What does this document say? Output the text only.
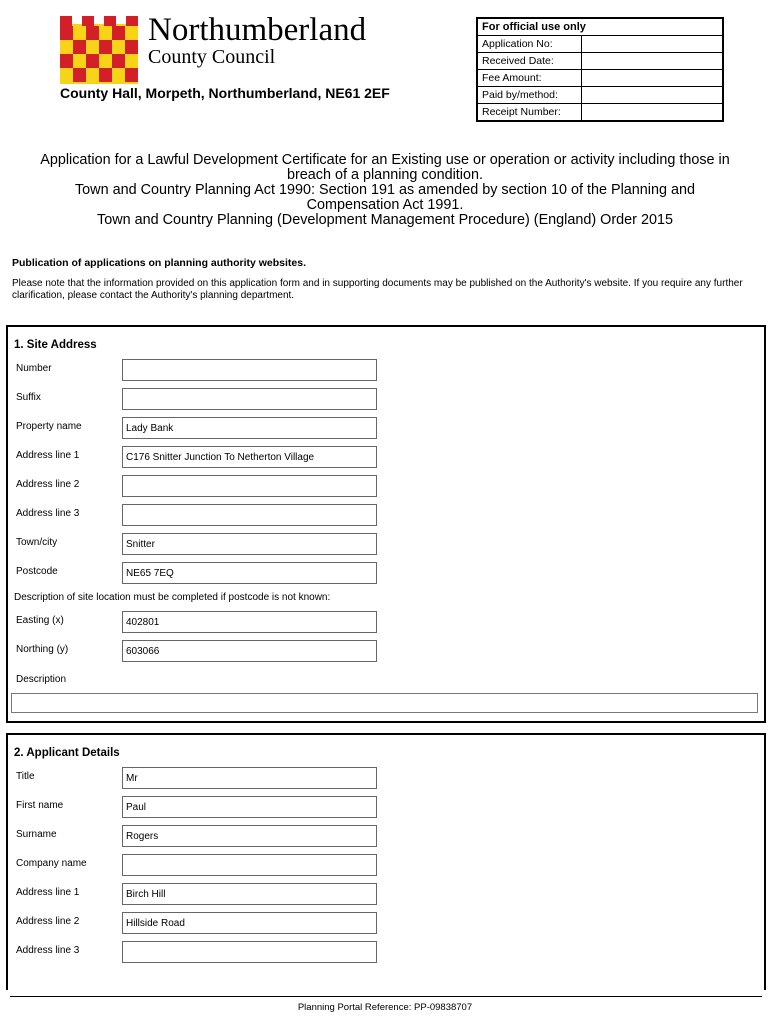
Northumberland
County Council
County Hall, Morpeth, Northumberland, NE61 2EF
For official use only	
Application No:	
Received Date:	
Fee Amount:	
Paid by/method:	
Receipt Number:	
Application for a Lawful Development Certificate for an Existing use or operation or activity including those in
breach of a planning condition.
Town and Country Planning Act 1990: Section 191 as amended by section 10 of the Planning and
Compensation Act 1991.
Town and Country Planning (Development Management Procedure) (England) Order 2015
Publication of applications on planning authority websites.
Please note that the information provided on this application form and in supporting documents may be published on the Authority's website. If you require any further clarification, please contact the Authority's planning department.
1. Site Address
Number
Suffix
Property name	Lady Bank
Address line 1	C176 Snitter Junction To Netherton Village
Address line 2
Address line 3
Town/city	Snitter
Postcode	NE65 7EQ
Description of site location must be completed if postcode is not known:
Easting (x)	402801
Northing (y)	603066
Description
2. Applicant Details
Title	Mr
First name	Paul
Surname	Rogers
Company name
Address line 1	Birch Hill
Address line 2	Hillside Road
Address line 3
Planning Portal Reference: PP-09838707
